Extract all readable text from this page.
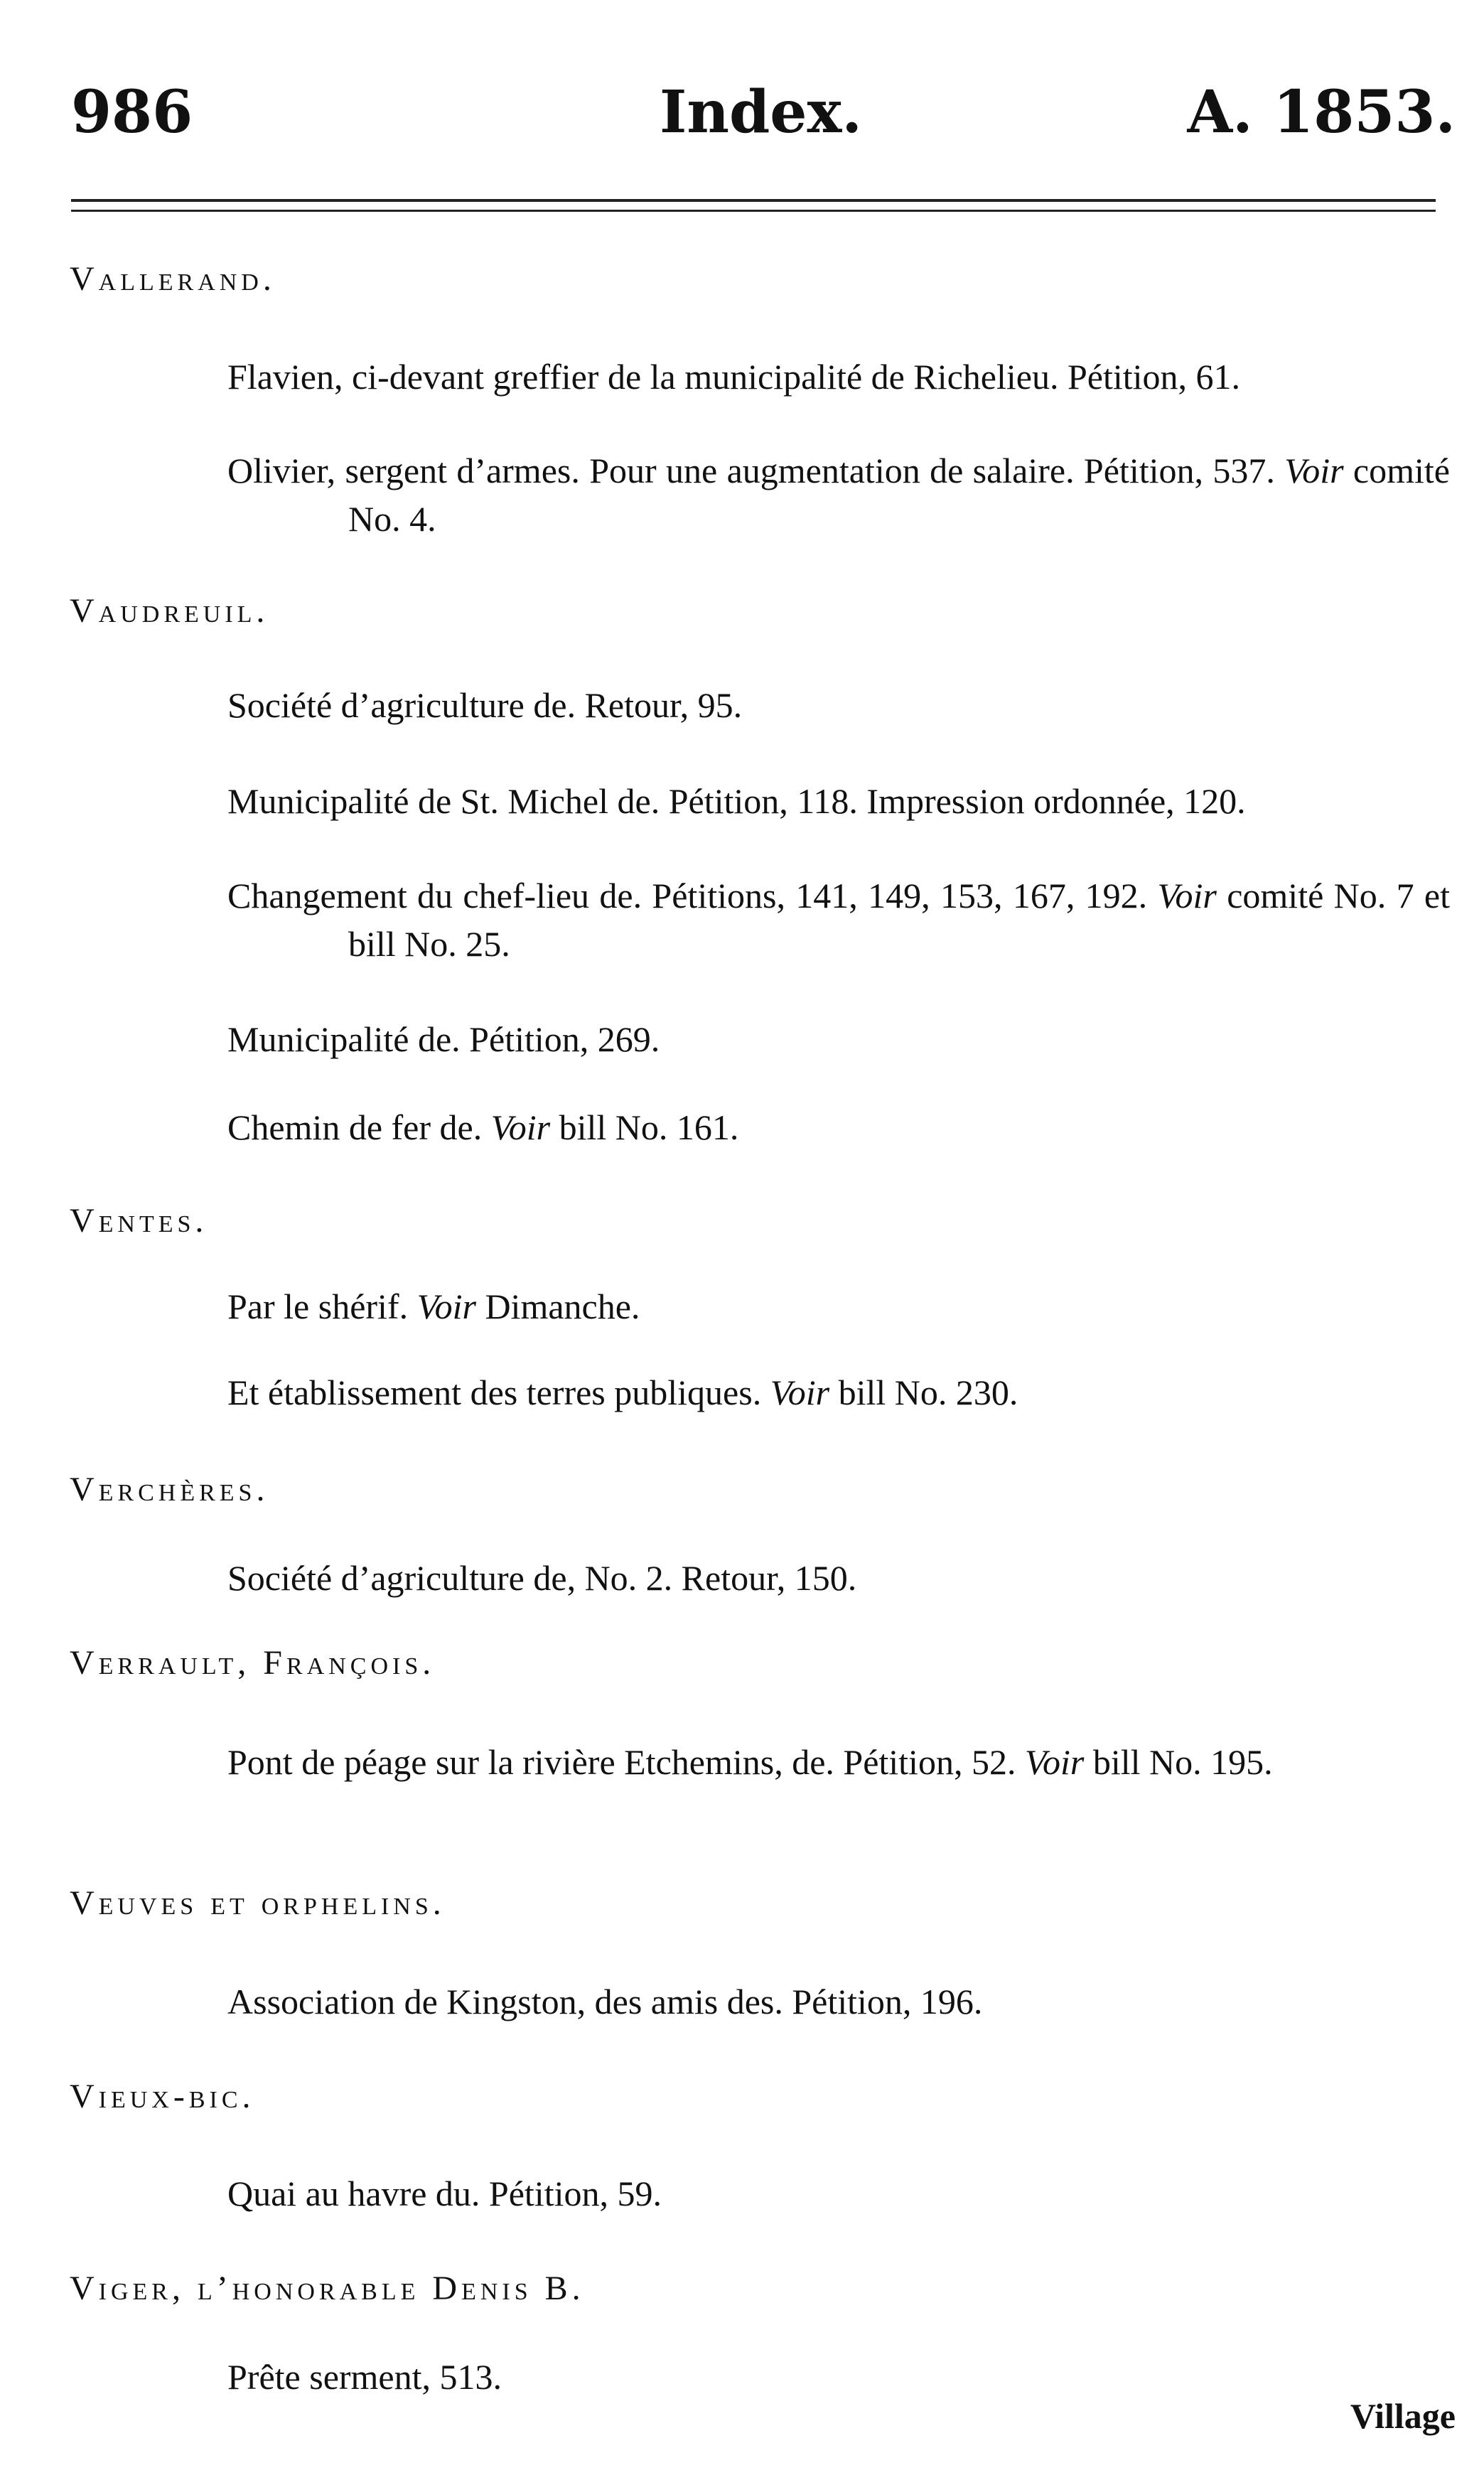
986	Index.	A. 1853.
Vallerand.
Flavien, ci-devant greffier de la municipalité de Richelieu. Pétition, 61.
Olivier, sergent d’armes. Pour une augmentation de salaire. Pétition, 537. Voir comité No. 4.
Vaudreuil.
Société d’agriculture de. Retour, 95.
Municipalité de St. Michel de. Pétition, 118. Impression ordonnée, 120.
Changement du chef-lieu de. Pétitions, 141, 149, 153, 167, 192. Voir comité No. 7 et bill No. 25.
Municipalité de. Pétition, 269.
Chemin de fer de. Voir bill No. 161.
Ventes.
Par le shérif. Voir Dimanche.
Et établissement des terres publiques. Voir bill No. 230.
Verchères.
Société d’agriculture de, No. 2. Retour, 150.
Verrault, François.
Pont de péage sur la rivière Etchemins, de. Pétition, 52. Voir bill No. 195.
Veuves et orphelins.
Association de Kingston, des amis des. Pétition, 196.
Vieux-bic.
Quai au havre du. Pétition, 59.
Viger, l’honorable Denis B.
Prête serment, 513.
Village
